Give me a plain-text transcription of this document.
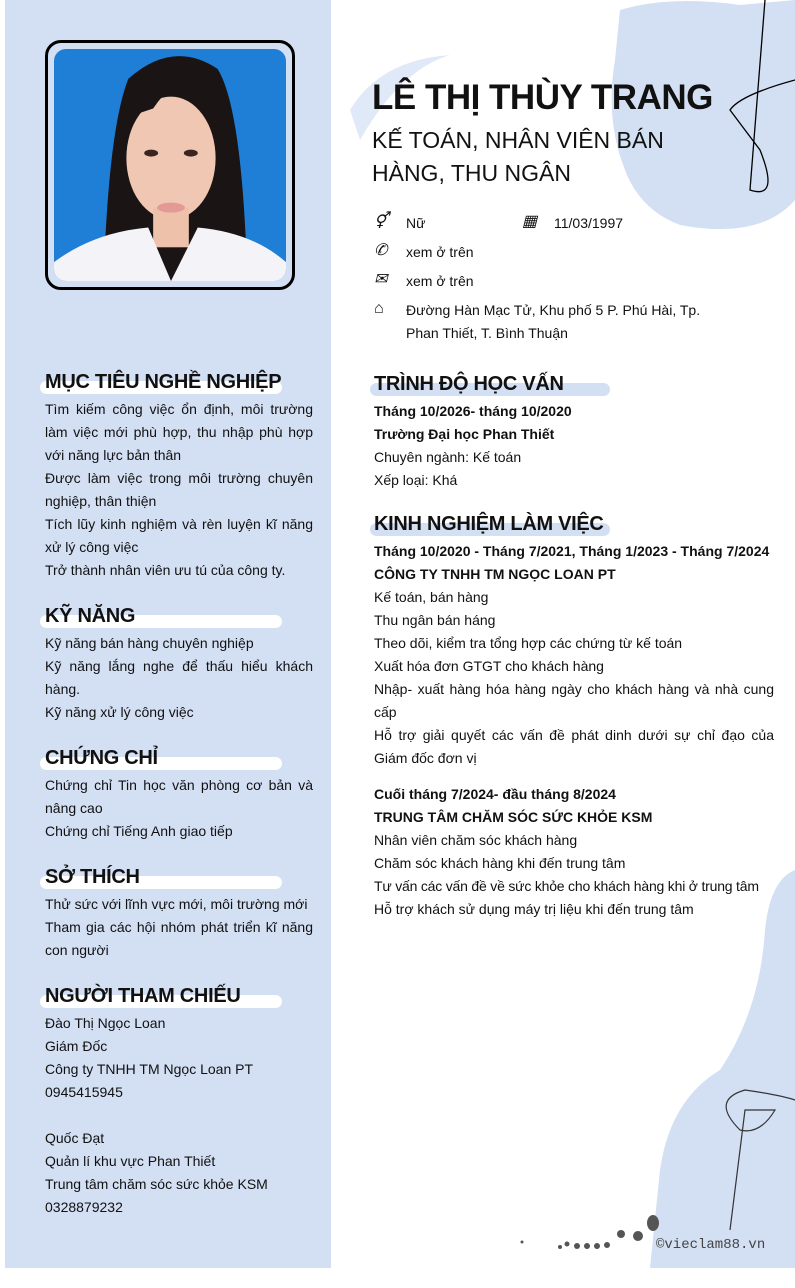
©vieclam88.vn
LÊ THỊ THÙY TRANG
KẾ TOÁN, NHÂN VIÊN BÁN HÀNG, THU NGÂN
⚥	Nữ	▦	11/03/1997
✆	xem ở trên
✉	xem ở trên
⌂	Đường Hàn Mạc Tử, Khu phố 5 P. Phú Hài, Tp. Phan Thiết, T. Bình Thuận
MỤC TIÊU NGHỀ NGHIỆP
Tìm kiếm công việc ổn định, môi trường làm việc mới phù hợp, thu nhập phù hợp với năng lực bản thân
Được làm việc trong môi trường chuyên nghiệp, thân thiện
Tích lũy kinh nghiệm và rèn luyện kĩ năng xử lý công việc
Trở thành nhân viên ưu tú của công ty.
KỸ NĂNG
Kỹ năng bán hàng chuyên nghiệp
Kỹ năng lắng nghe để thấu hiểu khách hàng.
Kỹ năng xử lý công việc
CHỨNG CHỈ
Chứng chỉ Tin học văn phòng cơ bản và nâng cao
Chứng chỉ Tiếng Anh giao tiếp
SỞ THÍCH
Thử sức với lĩnh vực mới, môi trường mới
Tham gia các hội nhóm phát triển kĩ năng con người
NGƯỜI THAM CHIẾU
Đào Thị Ngọc Loan
Giám Đốc
Công ty TNHH TM Ngọc Loan PT
0945415945
Quốc Đạt
Quản lí khu vực Phan Thiết
Trung tâm chăm sóc sức khỏe KSM
0328879232
TRÌNH ĐỘ HỌC VẤN
Tháng 10/2026- tháng 10/2020
Trường Đại học Phan Thiết
Chuyên ngành: Kế toán
Xếp loại: Khá
KINH NGHIỆM LÀM VIỆC
Tháng 10/2020 - Tháng 7/2021, Tháng 1/2023 - Tháng 7/2024
CÔNG TY TNHH TM NGỌC LOAN PT
Kế toán, bán hàng
Thu ngân bán háng
Theo dõi, kiểm tra tổng hợp các chứng từ kế toán
Xuất hóa đơn GTGT cho khách hàng
Nhập- xuất hàng hóa hàng ngày cho khách hàng và nhà cung cấp
Hỗ trợ giải quyết các vấn đề phát dinh dưới sự chỉ đạo của Giám đốc đơn vị
Cuối tháng 7/2024- đầu tháng 8/2024
TRUNG TÂM CHĂM SÓC SỨC KHỎE KSM
Nhân viên chăm sóc khách hàng
Chăm sóc khách hàng khi đến trung tâm
Tư vấn các vấn đề về sức khỏe cho khách hàng khi ở trung tâm
Hỗ trợ khách sử dụng máy trị liệu khi đến trung tâm
